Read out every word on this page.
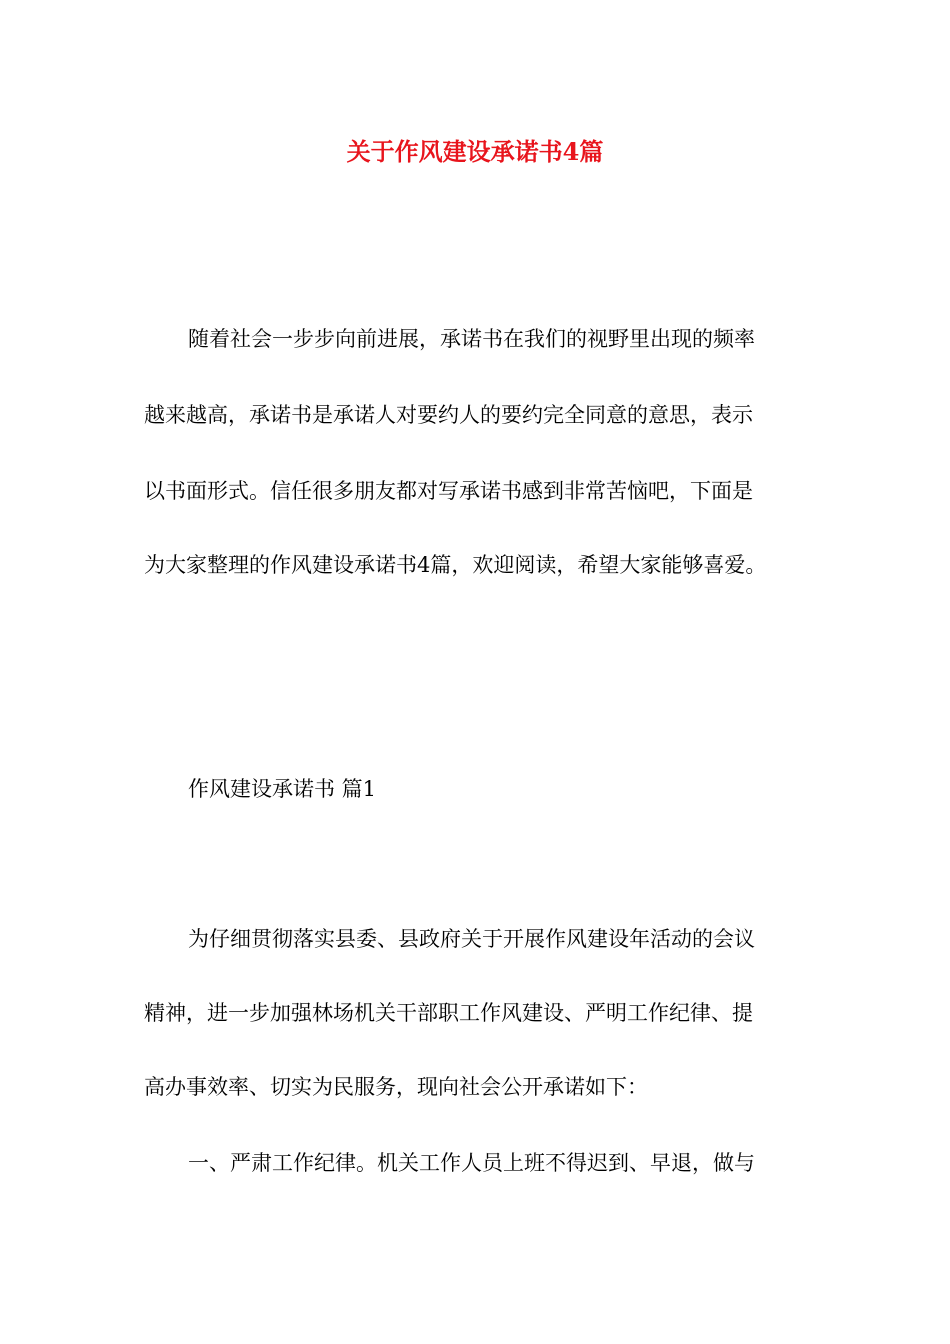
关于作风建设承诺书4篇

随着社会一步步向前进展，承诺书在我们的视野里出现的频率

越来越高，承诺书是承诺人对要约人的要约完全同意的意思，表示

以书面形式。信任很多朋友都对写承诺书感到非常苦恼吧，下面是

为大家整理的作风建设承诺书4篇，欢迎阅读，希望大家能够喜爱。

作风建设承诺书 篇1

为仔细贯彻落实县委、县政府关于开展作风建设年活动的会议

精神，进一步加强林场机关干部职工作风建设、严明工作纪律、提

高办事效率、切实为民服务，现向社会公开承诺如下：

一、严肃工作纪律。机关工作人员上班不得迟到、早退，做与
